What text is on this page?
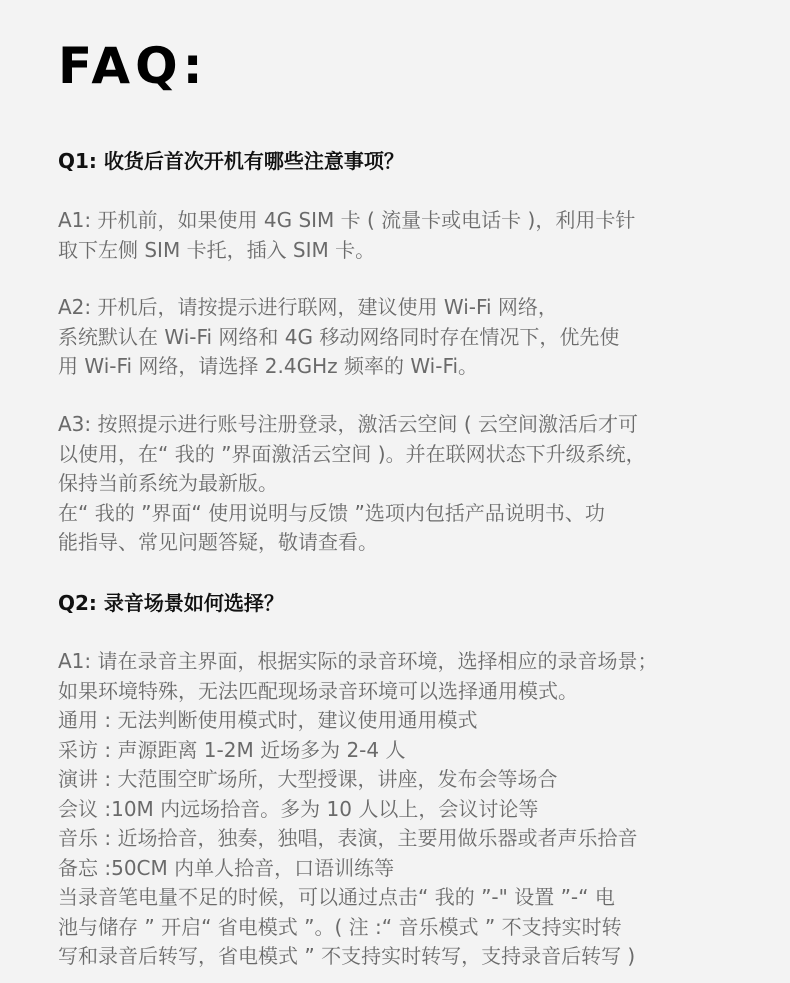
FAQ:
Q1: 收货后首次开机有哪些注意事项？
A1: 开机前，如果使用 4G SIM 卡 ( 流量卡或电话卡 )，利用卡针
取下左侧 SIM 卡托，插入 SIM 卡。
A2: 开机后，请按提示进行联网，建议使用 Wi-Fi 网络，
系统默认在 Wi-Fi 网络和 4G 移动网络同时存在情况下，优先使
用 Wi-Fi 网络，请选择 2.4GHz 频率的 Wi-Fi。
A3: 按照提示进行账号注册登录，激活云空间 ( 云空间激活后才可
以使用，在“ 我的 ”界面激活云空间 )。并在联网状态下升级系统，
保持当前系统为最新版。
在“ 我的 ”界面“ 使用说明与反馈 ”选项内包括产品说明书、功
能指导、常见问题答疑，敬请查看。
Q2: 录音场景如何选择？
A1: 请在录音主界面，根据实际的录音环境，选择相应的录音场景；
如果环境特殊，无法匹配现场录音环境可以选择通用模式。
通用 : 无法判断使用模式时，建议使用通用模式
采访 : 声源距离 1-2M 近场多为 2-4 人
演讲 : 大范围空旷场所，大型授课，讲座，发布会等场合
会议 :10M 内远场拾音。多为 10 人以上，会议讨论等
音乐 : 近场拾音，独奏，独唱，表演，主要用做乐器或者声乐拾音
备忘 :50CM 内单人拾音，口语训练等
当录音笔电量不足的时候，可以通过点击“ 我的 ”-" 设置 ”-“ 电
池与储存 ” 开启“ 省电模式 ”。( 注 :“ 音乐模式 ” 不支持实时转
写和录音后转写，省电模式 ” 不支持实时转写，支持录音后转写 )
